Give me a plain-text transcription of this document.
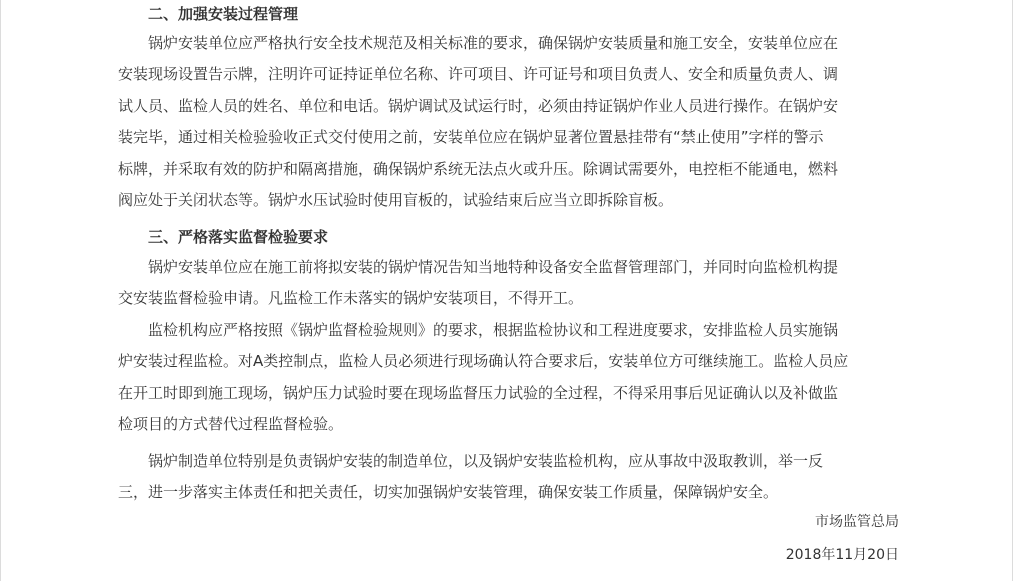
二、加强安装过程管理
锅炉安装单位应严格执行安全技术规范及相关标准的要求，确保锅炉安装质量和施工安全，安装单位应在
安装现场设置告示牌，注明许可证持证单位名称、许可项目、许可证号和项目负责人、安全和质量负责人、调
试人员、监检人员的姓名、单位和电话。锅炉调试及试运行时，必须由持证锅炉作业人员进行操作。在锅炉安
装完毕，通过相关检验验收正式交付使用之前，安装单位应在锅炉显著位置悬挂带有“禁止使用”字样的警示
标牌，并采取有效的防护和隔离措施，确保锅炉系统无法点火或升压。除调试需要外，电控柜不能通电，燃料
阀应处于关闭状态等。锅炉水压试验时使用盲板的，试验结束后应当立即拆除盲板。
三、严格落实监督检验要求
锅炉安装单位应在施工前将拟安装的锅炉情况告知当地特种设备安全监督管理部门，并同时向监检机构提
交安装监督检验申请。凡监检工作未落实的锅炉安装项目，不得开工。
监检机构应严格按照《锅炉监督检验规则》的要求，根据监检协议和工程进度要求，安排监检人员实施锅
炉安装过程监检。对A类控制点，监检人员必须进行现场确认符合要求后，安装单位方可继续施工。监检人员应
在开工时即到施工现场，锅炉压力试验时要在现场监督压力试验的全过程，不得采用事后见证确认以及补做监
检项目的方式替代过程监督检验。
锅炉制造单位特别是负责锅炉安装的制造单位，以及锅炉安装监检机构，应从事故中汲取教训，举一反
三，进一步落实主体责任和把关责任，切实加强锅炉安装管理，确保安装工作质量，保障锅炉安全。
市场监管总局
2018年11月20日
